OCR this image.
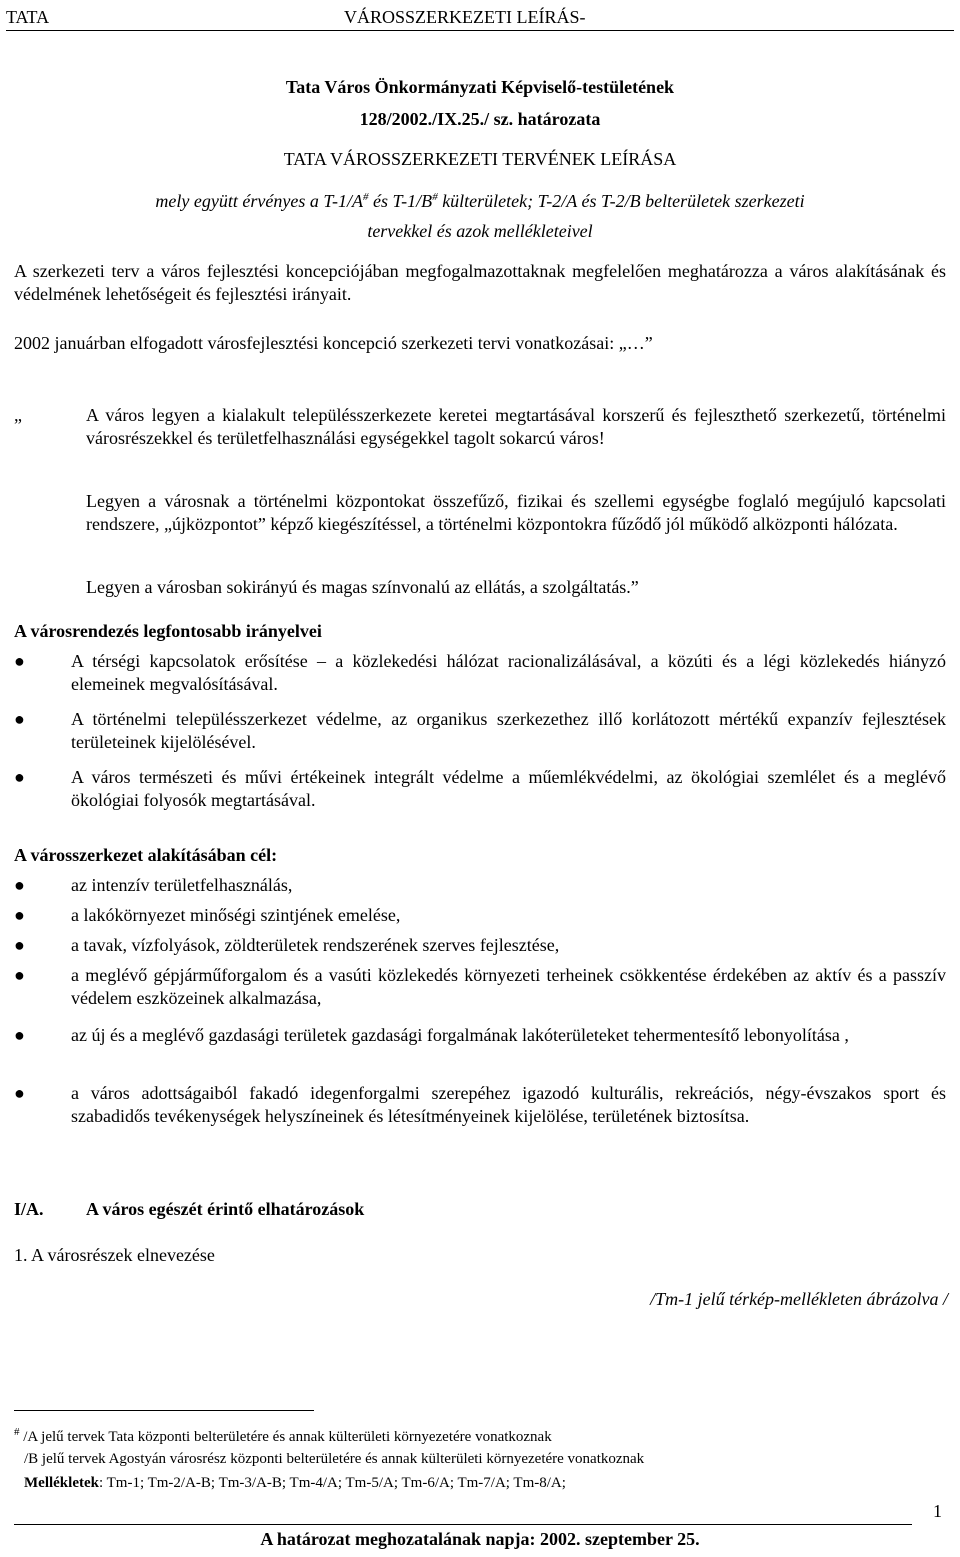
TATA	VÁROSSZERKEZETI LEÍRÁS-
Tata Város Önkormányzati Képviselő-testületének
128/2002./IX.25./ sz. határozata
TATA VÁROSSZERKEZETI TERVÉNEK LEÍRÁSA
mely együtt érvényes a T-1/A# és T-1/B# külterületek; T-2/A és T-2/B belterületek szerkezeti
tervekkel és azok mellékleteivel
A szerkezeti terv a város fejlesztési koncepciójában megfogalmazottaknak megfelelően meghatározza a város alakításának és védelmének lehetőségeit és fejlesztési irányait.
2002 januárban elfogadott városfejlesztési koncepció szerkezeti tervi vonatkozásai: „…”
„	A város legyen a kialakult településszerkezete keretei megtartásával korszerű és fejleszthető szerkezetű, történelmi városrészekkel és területfelhasználási egységekkel tagolt sokarcú város!
Legyen a városnak a történelmi központokat összefűző, fizikai és szellemi egységbe foglaló megújuló kapcsolati rendszere, „újközpontot” képző kiegészítéssel, a történelmi központokra fűződő jól működő alközponti hálózata.
Legyen a városban sokirányú és magas színvonalú az ellátás, a szolgáltatás.”
A városrendezés legfontosabb irányelvei
●	A térségi kapcsolatok erősítése – a közlekedési hálózat racionalizálásával, a közúti és a légi közlekedés hiányzó elemeinek megvalósításával.
●	A történelmi településszerkezet védelme, az organikus szerkezethez illő korlátozott mértékű expanzív fejlesztések területeinek kijelölésével.
●	A város természeti és művi értékeinek integrált védelme a műemlékvédelmi, az ökológiai szemlélet és a meglévő ökológiai folyosók megtartásával.
A városszerkezet alakításában cél:
●	az intenzív területfelhasználás,
●	a lakókörnyezet minőségi szintjének emelése,
●	a tavak, vízfolyások, zöldterületek rendszerének szerves fejlesztése,
●	a meglévő gépjárműforgalom és a vasúti közlekedés környezeti terheinek csökkentése érdekében az aktív és a passzív védelem eszközeinek alkalmazása,
●	az új és a meglévő gazdasági területek gazdasági forgalmának lakóterületeket tehermentesítő lebonyolítása ,
●	a város adottságaiból fakadó idegenforgalmi szerepéhez igazodó kulturális, rekreációs, négy-évszakos sport és szabadidős tevékenységek helyszíneinek és létesítményeinek kijelölése, területének biztosítsa.
I/A. A város egészét érintő elhatározások
1. A városrészek elnevezése
/Tm-1 jelű térkép-mellékleten ábrázolva /
# /A jelű tervek Tata központi belterületére és annak külterületi környezetére vonatkoznak
/B jelű tervek Agostyán városrész központi belterületére és annak külterületi környezetére vonatkoznak
Mellékletek: Tm-1; Tm-2/A-B; Tm-3/A-B; Tm-4/A; Tm-5/A; Tm-6/A; Tm-7/A; Tm-8/A;
1
A határozat meghozatalának napja: 2002. szeptember 25.
